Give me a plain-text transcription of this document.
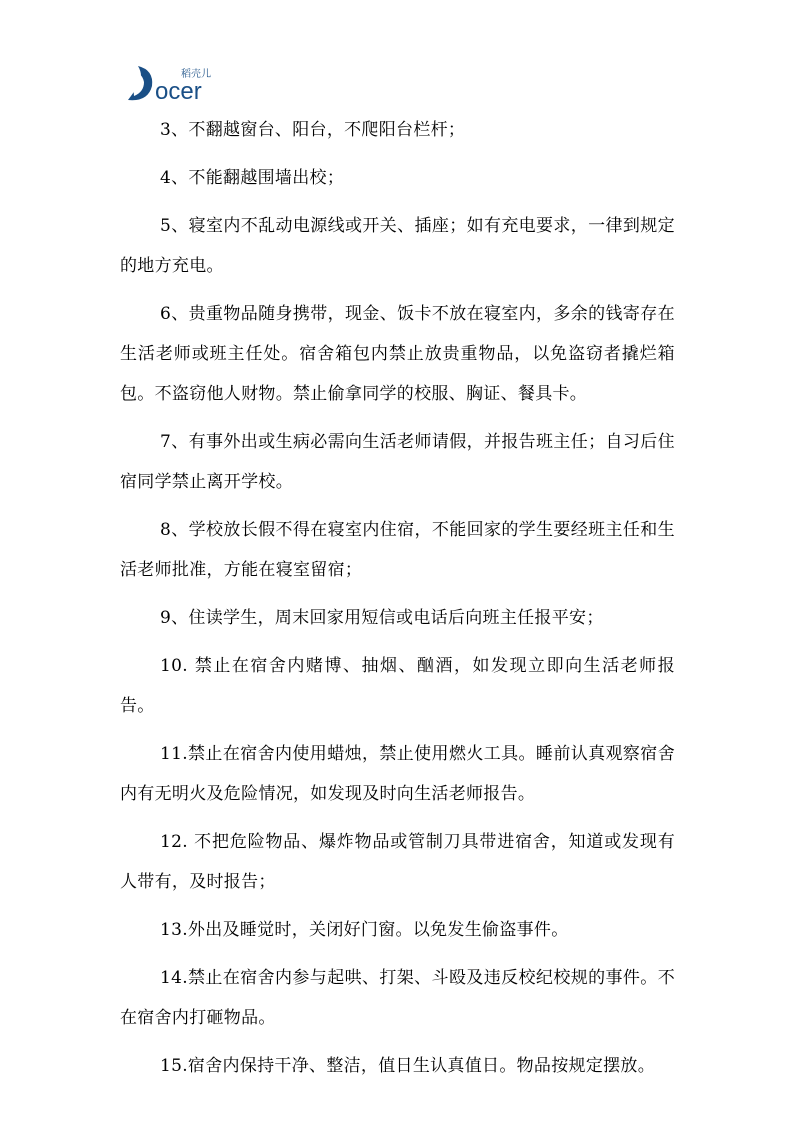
ocer
稻壳儿

3、不翻越窗台、阳台，不爬阳台栏杆；

4、不能翻越围墙出校；

5、寝室内不乱动电源线或开关、插座；如有充电要求，一律到规定的地方充电。

6、贵重物品随身携带，现金、饭卡不放在寝室内，多余的钱寄存在生活老师或班主任处。宿舍箱包内禁止放贵重物品，以免盗窃者撬烂箱包。不盗窃他人财物。禁止偷拿同学的校服、胸证、餐具卡。

7、有事外出或生病必需向生活老师请假，并报告班主任；自习后住宿同学禁止离开学校。

8、学校放长假不得在寝室内住宿，不能回家的学生要经班主任和生活老师批准，方能在寝室留宿；

9、住读学生，周末回家用短信或电话后向班主任报平安；

10. 禁止在宿舍内赌博、抽烟、酗酒，如发现立即向生活老师报告。

11.禁止在宿舍内使用蜡烛，禁止使用燃火工具。睡前认真观察宿舍内有无明火及危险情况，如发现及时向生活老师报告。

12. 不把危险物品、爆炸物品或管制刀具带进宿舍，知道或发现有人带有，及时报告；

13.外出及睡觉时，关闭好门窗。以免发生偷盗事件。

14.禁止在宿舍内参与起哄、打架、斗殴及违反校纪校规的事件。不在宿舍内打砸物品。

15.宿舍内保持干净、整洁，值日生认真值日。物品按规定摆放。
